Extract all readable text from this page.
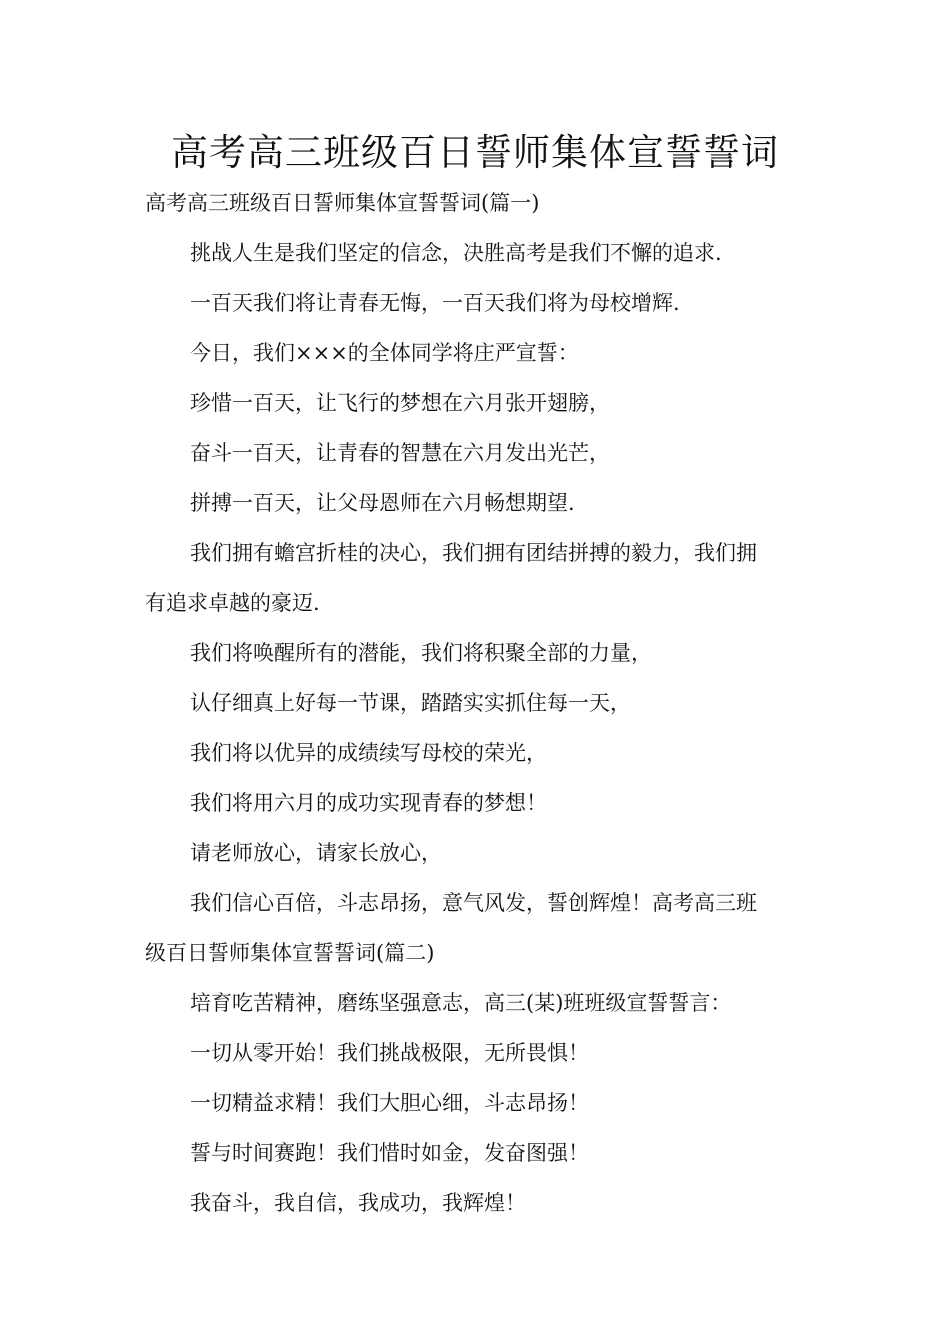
高考高三班级百日誓师集体宣誓誓词

高考高三班级百日誓师集体宣誓誓词(篇一)

挑战人生是我们坚定的信念，决胜高考是我们不懈的追求.

一百天我们将让青春无悔，一百天我们将为母校增辉.

今日，我们×××的全体同学将庄严宣誓：

珍惜一百天，让飞行的梦想在六月张开翅膀，

奋斗一百天，让青春的智慧在六月发出光芒，

拼搏一百天，让父母恩师在六月畅想期望.

我们拥有蟾宫折桂的决心，我们拥有团结拼搏的毅力，我们拥

有追求卓越的豪迈.

我们将唤醒所有的潜能，我们将积聚全部的力量，

认仔细真上好每一节课，踏踏实实抓住每一天，

我们将以优异的成绩续写母校的荣光，

我们将用六月的成功实现青春的梦想！

请老师放心，请家长放心，

我们信心百倍，斗志昂扬，意气风发，誓创辉煌！高考高三班

级百日誓师集体宣誓誓词(篇二)

培育吃苦精神，磨练坚强意志，高三(某)班班级宣誓誓言：

一切从零开始！我们挑战极限，无所畏惧！

一切精益求精！我们大胆心细，斗志昂扬！

誓与时间赛跑！我们惜时如金，发奋图强！

我奋斗，我自信，我成功，我辉煌！
